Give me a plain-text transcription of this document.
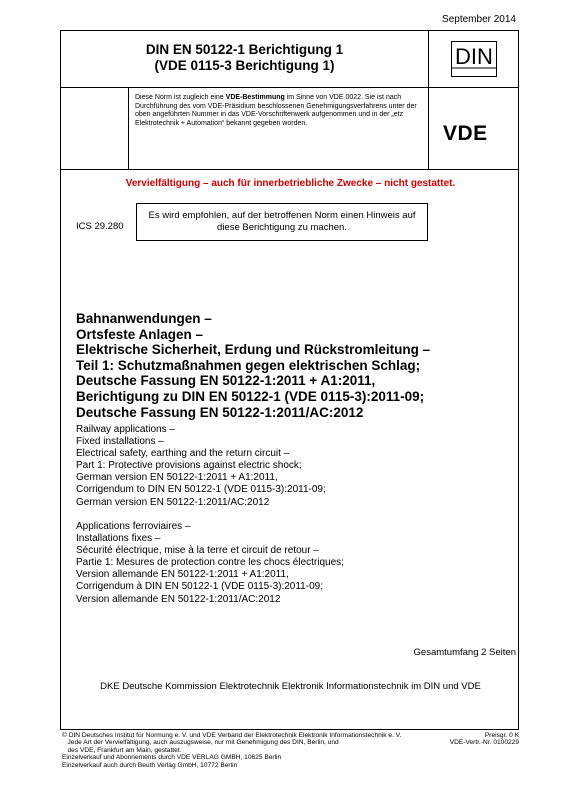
September 2014
DIN EN 50122-1 Berichtigung 1
(VDE 0115-3 Berichtigung 1)	DIN
Diese Norm ist zugleich eine VDE-Bestimmung im Sinne von VDE 0022. Sie ist nach Durchführung des vom VDE-Präsidium beschlossenen Genehmigungsverfahrens unter der oben angeführten Nummer in das VDE-Vorschriftenwerk aufgenommen und in der „etz Elektrotechnik + Automation“ bekannt gegeben worden.	VDE
Vervielfältigung – auch für innerbetriebliche Zwecke – nicht gestattet.
Es wird empfohlen, auf der betroffenen Norm einen Hinweis auf diese Berichtigung zu machen.
ICS 29.280
Bahnanwendungen –
Ortsfeste Anlagen –
Elektrische Sicherheit, Erdung und Rückstromleitung –
Teil 1: Schutzmaßnahmen gegen elektrischen Schlag;
Deutsche Fassung EN 50122-1:2011 + A1:2011,
Berichtigung zu DIN EN 50122-1 (VDE 0115-3):2011-09;
Deutsche Fassung EN 50122-1:2011/AC:2012
Railway applications –
Fixed installations –
Electrical safety, earthing and the return circuit –
Part 1: Protective provisions against electric shock;
German version EN 50122-1:2011 + A1:2011,
Corrigendum to DIN EN 50122-1 (VDE 0115-3):2011-09;
German version EN 50122-1:2011/AC:2012
Applications ferroviaires –
Installations fixes –
Sécurité électrique, mise à la terre et circuit de retour –
Partie 1: Mesures de protection contre les chocs électriques;
Version allemande EN 50122-1:2011 + A1:2011,
Corrigendum à DIN EN 50122-1 (VDE 0115-3):2011-09;
Version allemande EN 50122-1:2011/AC:2012
Gesamtumfang 2 Seiten
DKE Deutsche Kommission Elektrotechnik Elektronik Informationstechnik im DIN und VDE
© DIN Deutsches Institut für Normung e. V. und VDE Verband der Elektrotechnik Elektronik Informationstechnik e. V.
Jede Art der Vervielfältigung, auch auszugsweise, nur mit Genehmigung des DIN, Berlin, und
des VDE, Frankfurt am Main, gestattet.
Einzelverkauf und Abonnements durch VDE VERLAG GMBH, 10625 Berlin
Einzelverkauf auch durch Beuth Verlag GmbH, 10772 Berlin
Preisgr. 0 K
VDE-Vertr.-Nr. 0100229
